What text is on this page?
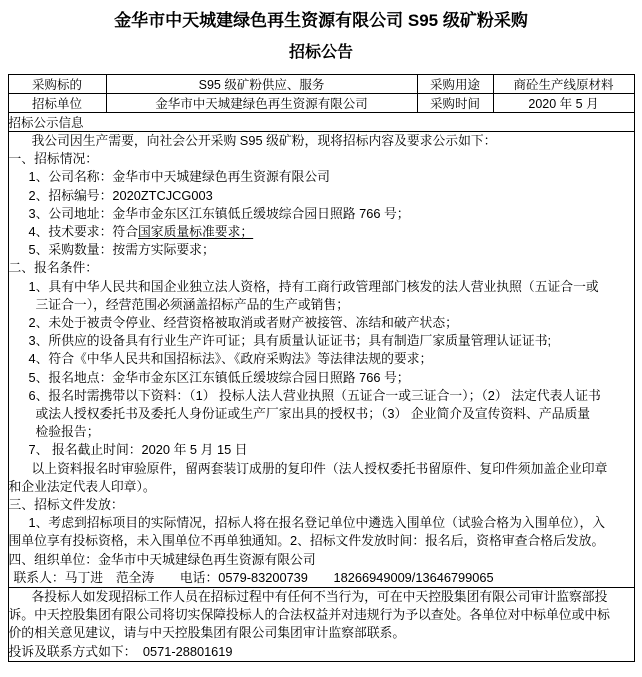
金华市中天城建绿色再生资源有限公司 S95 级矿粉采购
招标公告
采购标的	S95 级矿粉供应、服务	采购用途	商砼生产线原材料
招标单位	金华市中天城建绿色再生资源有限公司	采购时间	2020 年 5 月
招标公示信息			

我公司因生产需要，向社会公开采购 S95 级矿粉，现将招标内容及要求公示如下：
一、招标情况：
1、公司名称：金华市中天城建绿色再生资源有限公司
2、招标编号：2020ZTCJCG003
3、公司地址：金华市金东区江东镇低丘缓坡综合园日照路 766 号；
4、技术要求：符合国家质量标准要求；
5、采购数量：按需方实际要求；
二、报名条件：
1、具有中华人民共和国企业独立法人资格，持有工商行政管理部门核发的法人营业执照（五证合一或
三证合一），经营范围必须涵盖招标产品的生产或销售；
2、未处于被责令停业、经营资格被取消或者财产被接管、冻结和破产状态；
3、所供应的设备具有行业生产许可证；具有质量认证证书；具有制造厂家质量管理认证证书;
4、符合《中华人民共和国招标法》、《政府采购法》等法律法规的要求；
5、报名地点：金华市金东区江东镇低丘缓坡综合园日照路 766 号；
6、报名时需携带以下资料：（1） 投标人法人营业执照（五证合一或三证合一）；（2） 法定代表人证书
或法人授权委托书及委托人身份证或生产厂家出具的授权书；（3） 企业简介及宣传资料、产品质量
检验报告；
7、 报名截止时间：2020 年 5 月 15 日
以上资料报名时审验原件，留两套装订成册的复印件（法人授权委托书留原件、复印件须加盖企业印章
和企业法定代表人印章）。
三、招标文件发放：
1、考虑到招标项目的实际情况，招标人将在报名登记单位中遴选入围单位（试验合格为入围单位），入
围单位享有投标资格，未入围单位不再单独通知。2、招标文件发放时间：报名后，资格审查合格后发放。
四、组织单位：金华市中天城建绿色再生资源有限公司
联系人：马丁进　范全涛　　电话：0579-83200739　　18266949009/13646799065

各投标人如发现招标工作人员在招标过程中有任何不当行为，可在中天控股集团有限公司审计监察部投
诉。中天控股集团有限公司将切实保障投标人的合法权益并对违规行为予以查处。各单位对中标单位或中标
价的相关意见建议，请与中天控股集团有限公司集团审计监察部联系。
投诉及联系方式如下：　0571-28801619			
